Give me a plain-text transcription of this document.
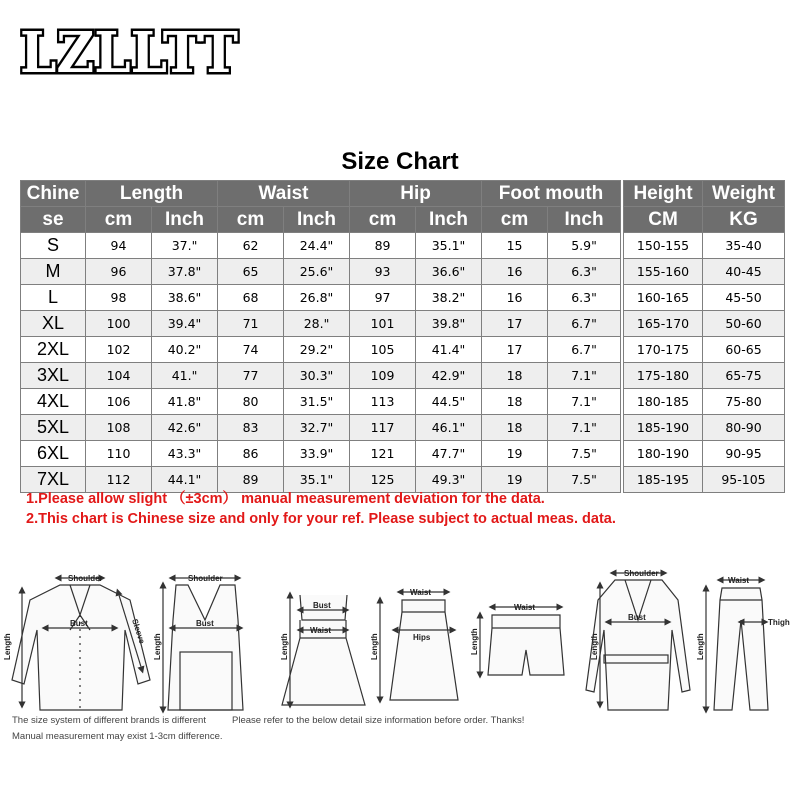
LZLLTT
Size Chart
Chine	Length		Waist		Hip		Foot mouth	
se	cm	Inch	cm	Inch	cm	Inch	cm	Inch
S	94	37."	62	24.4"	89	35.1"	15	5.9"
M	96	37.8"	65	25.6"	93	36.6"	16	6.3"
L	98	38.6"	68	26.8"	97	38.2"	16	6.3"
XL	100	39.4"	71	28."	101	39.8"	17	6.7"
2XL	102	40.2"	74	29.2"	105	41.4"	17	6.7"
3XL	104	41."	77	30.3"	109	42.9"	18	7.1"
4XL	106	41.8"	80	31.5"	113	44.5"	18	7.1"
5XL	108	42.6"	83	32.7"	117	46.1"	18	7.1"
6XL	110	43.3"	86	33.9"	121	47.7"	19	7.5"
7XL	112	44.1"	89	35.1"	125	49.3"	19	7.5"
Height	Weight
CM	KG
150-155	35-40
155-160	40-45
160-165	45-50
165-170	50-60
170-175	60-65
175-180	65-75
180-185	75-80
185-190	80-90
180-190	90-95
185-195	95-105
1.Please allow slight （±3cm） manual measurement deviation for the data.
2.This chart is Chinese size and only for your ref. Please subject to actual meas. data.
Shoulder
Bust
Length
Sleeve
Shoulder
Bust
Length
Bust
Waist
Length
Waist
Hips
Length
Waist
Length
Shoulder
Bust
Length
Waist
Thigh
Length
The size system of different brands is different	Please refer to the below detail size information before order. Thanks!
Manual measurement may exist 1-3cm difference.
